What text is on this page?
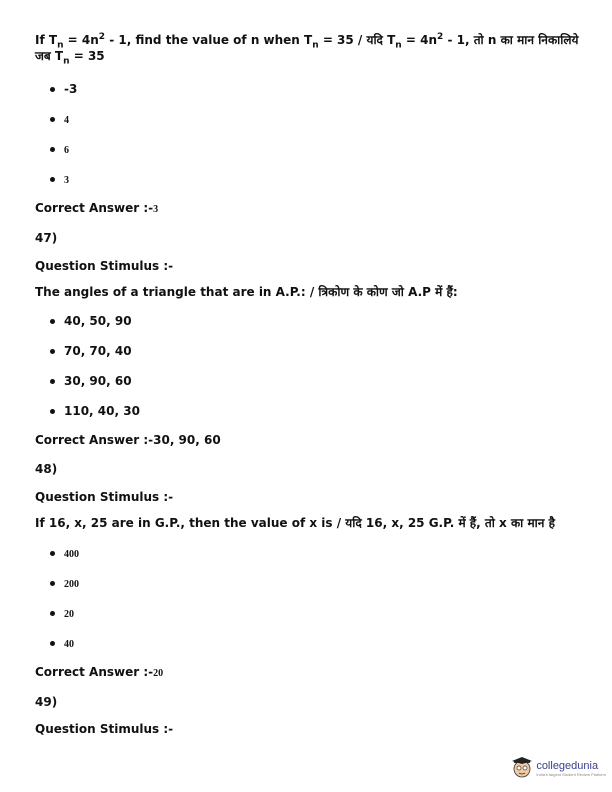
If $T_n = 4n^2 - 1$, find the value of n when $T_n = 35$ / यदि $T_n = 4n^2 - 1$, तो n का मान निकालिये
जब $T_n = 35$
-3
4
6
3
Correct Answer :-3
47)
Question Stimulus :-
The angles of a triangle that are in A.P.: / त्रिकोण के कोण जो A.P में हैं:
40, 50, 90
70, 70, 40
30, 90, 60
110, 40, 30
Correct Answer :-30, 90, 60
48)
Question Stimulus :-
If 16, x, 25 are in G.P., then the value of x is / यदि 16, x, 25 G.P. में हैं, तो x का मान है
400
200
20
40
Correct Answer :-20
49)
Question Stimulus :-
collegedunia
India's largest Student Review Platform
